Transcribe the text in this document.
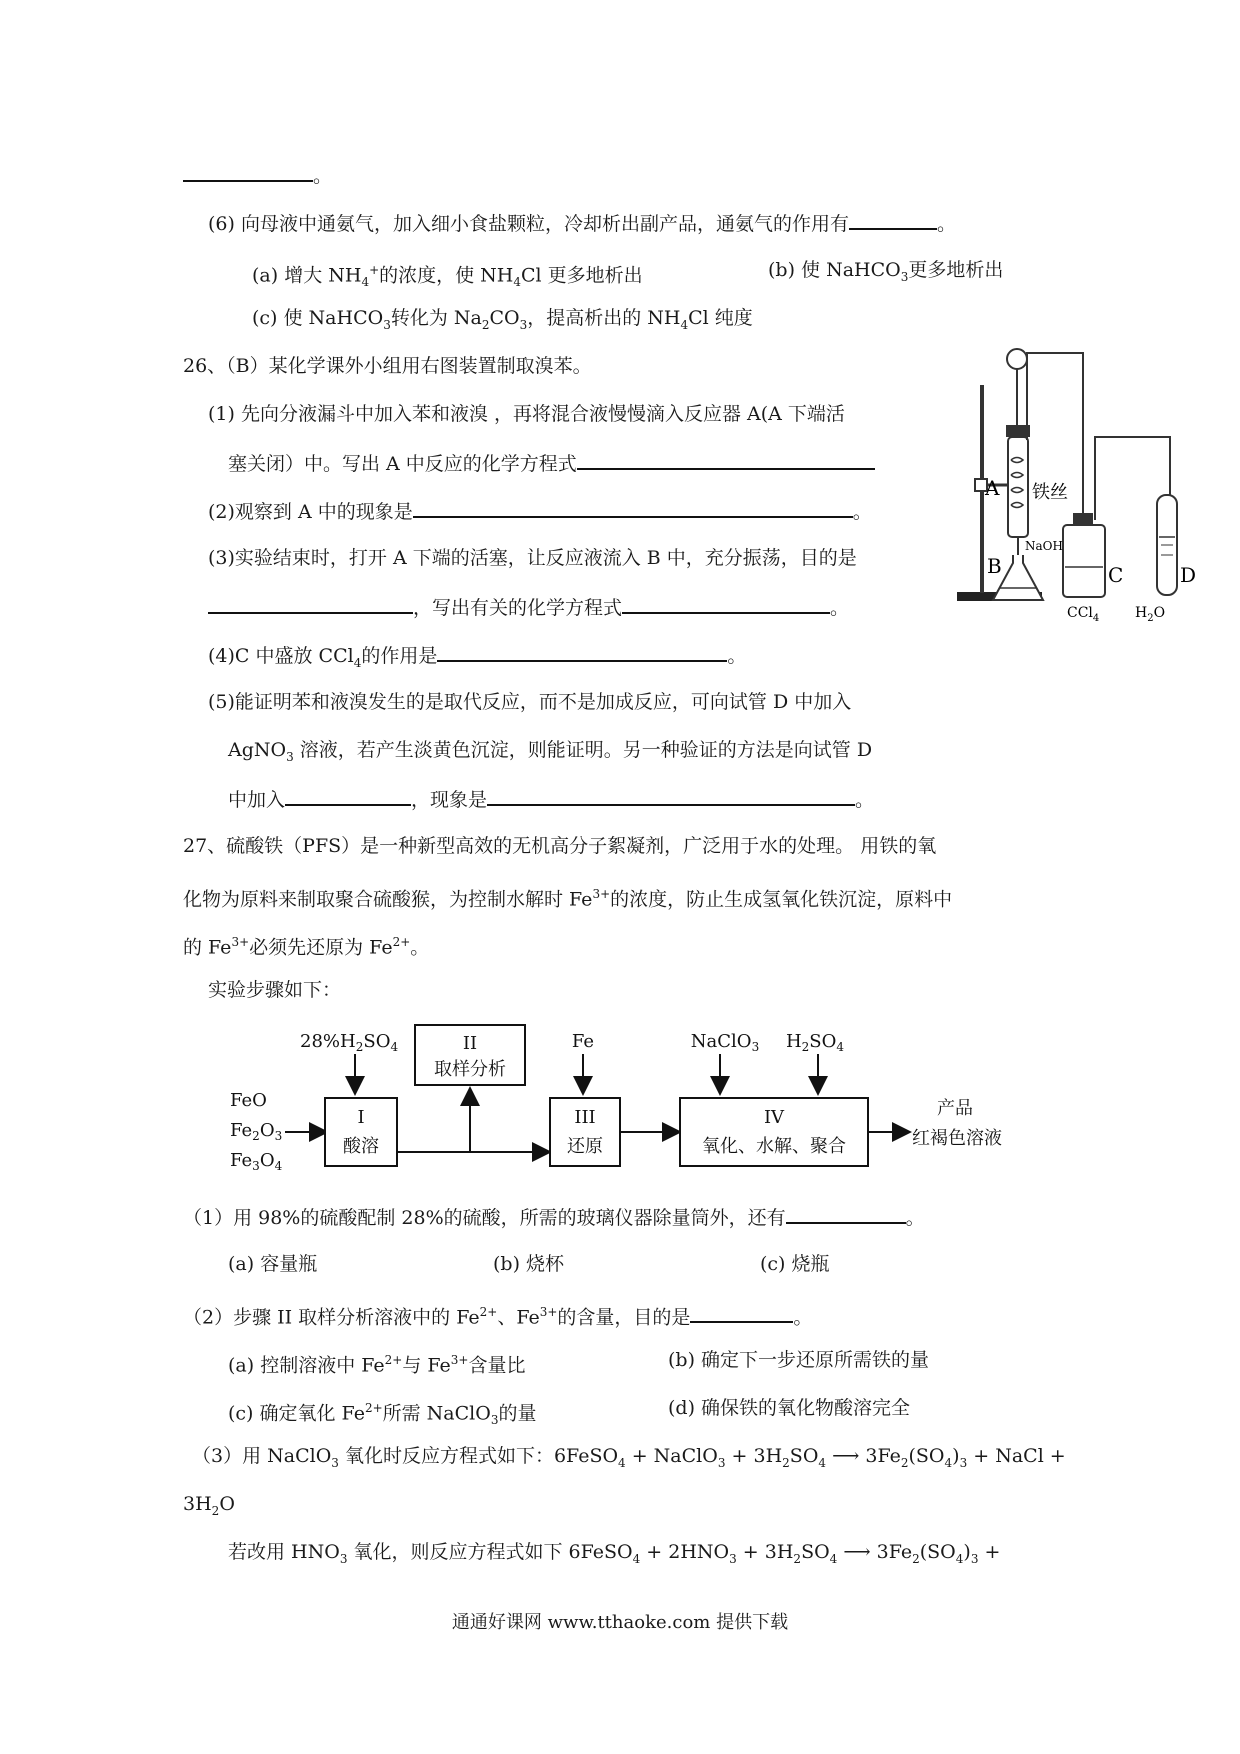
。
(6) 向母液中通氨气，加入细小食盐颗粒，冷却析出副产品，通氨气的作用有	。
(a) 增大 $NH_4^+$的浓度，使 $NH_4Cl$ 更多地析出	(b) 使 NaHCO$_3$更多地析出
(c) 使 NaHCO$_3$转化为 $Na_2CO_3$，提高析出的 $NH_4Cl$ 纯度
26、（B）某化学课外小组用右图装置制取溴苯。
(1) 先向分液漏斗中加入苯和液溴 ，再将混合液慢慢滴入反应器 A(A 下端活
塞关闭）中。写出 A 中反应的化学方程式
(2)观察到 A 中的现象是	。
(3)实验结束时，打开 A 下端的活塞，让反应液流入 B 中，充分振荡，目的是
，写出有关的化学方程式	。
(4)C 中盛放 CCl$_4$的作用是	。
(5)能证明苯和液溴发生的是取代反应，而不是加成反应，可向试管 D 中加入
AgNO$_3$ 溶液，若产生淡黄色沉淀，则能证明。另一种验证的方法是向试管 D
中加入	，现象是	。
A 铁丝
B
NaOH
C	D
CCl$_4$	$H_2O$
27、硫酸铁（PFS）是一种新型高效的无机高分子絮凝剂，广泛用于水的处理。 用铁的氧
化物为原料来制取聚合硫酸猴，为控制水解时 $Fe^{3+}$的浓度，防止生成氢氧化铁沉淀，原料中
的 $Fe^{3+}$必须先还原为 $Fe^{2+}$。
实验步骤如下：
$28\%H_2SO_4$	II
取样分析
Fe	NaClO$_3$ $H_2SO_4$
FeO
$Fe_2O_3$
$Fe_3O_4$
I
酸溶
III
还原
IV
氧化、水解、聚合
产品
红褐色溶液
（1）用 98%的硫酸配制 28%的硫酸，所需的玻璃仪器除量筒外，还有	。
(a) 容量瓶	(b) 烧杯	(c) 烧瓶
（2）步骤 II 取样分析溶液中的 $Fe^{2+}$、$Fe^{3+}$的含量，目的是	。
(a) 控制溶液中 $Fe^{2+}$与 $Fe^{3+}$含量比	(b) 确定下一步还原所需铁的量
(c) 确定氧化 $Fe^{2+}$所需 NaClO$_3$的量	(d) 确保铁的氧化物酸溶完全
（3）用 NaClO$_3$ 氧化时反应方程式如下：6FeSO$_4$ + NaClO$_3$ + $3H_2SO_4$ ⟶ $3Fe_2(SO_4)_3$ + NaCl +
$3H_2O$
若改用 $HNO_3$ 氧化，则反应方程式如下 6FeSO$_4$ + $2HNO_3 + 3H_2SO_4$ ⟶ $3Fe_2(SO_4)_3$ +
通通好课网 www.tthaoke.com 提供下载
